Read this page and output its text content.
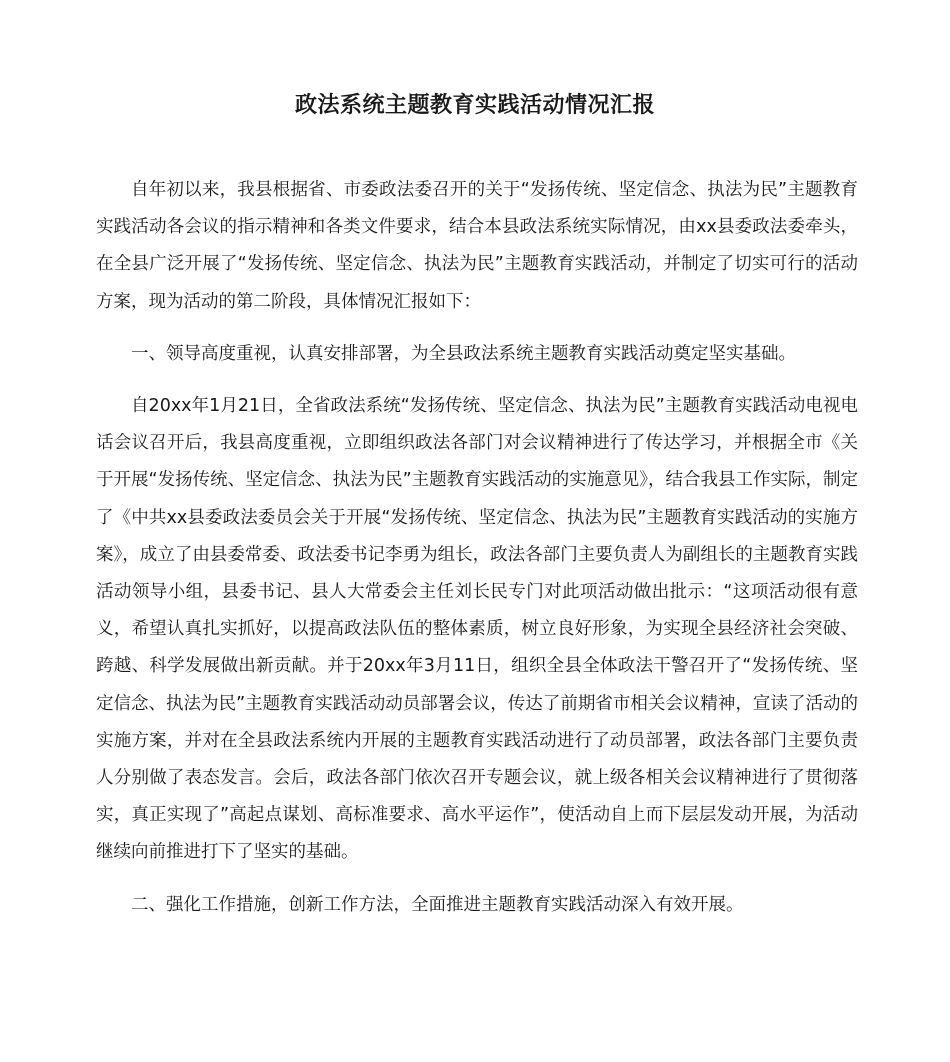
政法系统主题教育实践活动情况汇报

自年初以来，我县根据省、市委政法委召开的关于“发扬传统、坚定信念、执法为民”主题教育实践活动各会议的指示精神和各类文件要求，结合本县政法系统实际情况，由xx县委政法委牵头，在全县广泛开展了“发扬传统、坚定信念、执法为民”主题教育实践活动，并制定了切实可行的活动方案，现为活动的第二阶段，具体情况汇报如下：

一、领导高度重视，认真安排部署，为全县政法系统主题教育实践活动奠定坚实基础。

自20xx年1月21日，全省政法系统“发扬传统、坚定信念、执法为民”主题教育实践活动电视电话会议召开后，我县高度重视，立即组织政法各部门对会议精神进行了传达学习，并根据全市《关于开展“发扬传统、坚定信念、执法为民”主题教育实践活动的实施意见》，结合我县工作实际，制定了《中共xx县委政法委员会关于开展“发扬传统、坚定信念、执法为民”主题教育实践活动的实施方案》，成立了由县委常委、政法委书记李勇为组长，政法各部门主要负责人为副组长的主题教育实践活动领导小组，县委书记、县人大常委会主任刘长民专门对此项活动做出批示：“这项活动很有意义，希望认真扎实抓好，以提高政法队伍的整体素质，树立良好形象，为实现全县经济社会突破、跨越、科学发展做出新贡献。并于20xx年3月11日，组织全县全体政法干警召开了“发扬传统、坚定信念、执法为民”主题教育实践活动动员部署会议，传达了前期省市相关会议精神，宣读了活动的实施方案，并对在全县政法系统内开展的主题教育实践活动进行了动员部署，政法各部门主要负责人分别做了表态发言。会后，政法各部门依次召开专题会议，就上级各相关会议精神进行了贯彻落实，真正实现了”高起点谋划、高标准要求、高水平运作”，使活动自上而下层层发动开展，为活动继续向前推进打下了坚实的基础。

二、强化工作措施，创新工作方法，全面推进主题教育实践活动深入有效开展。
